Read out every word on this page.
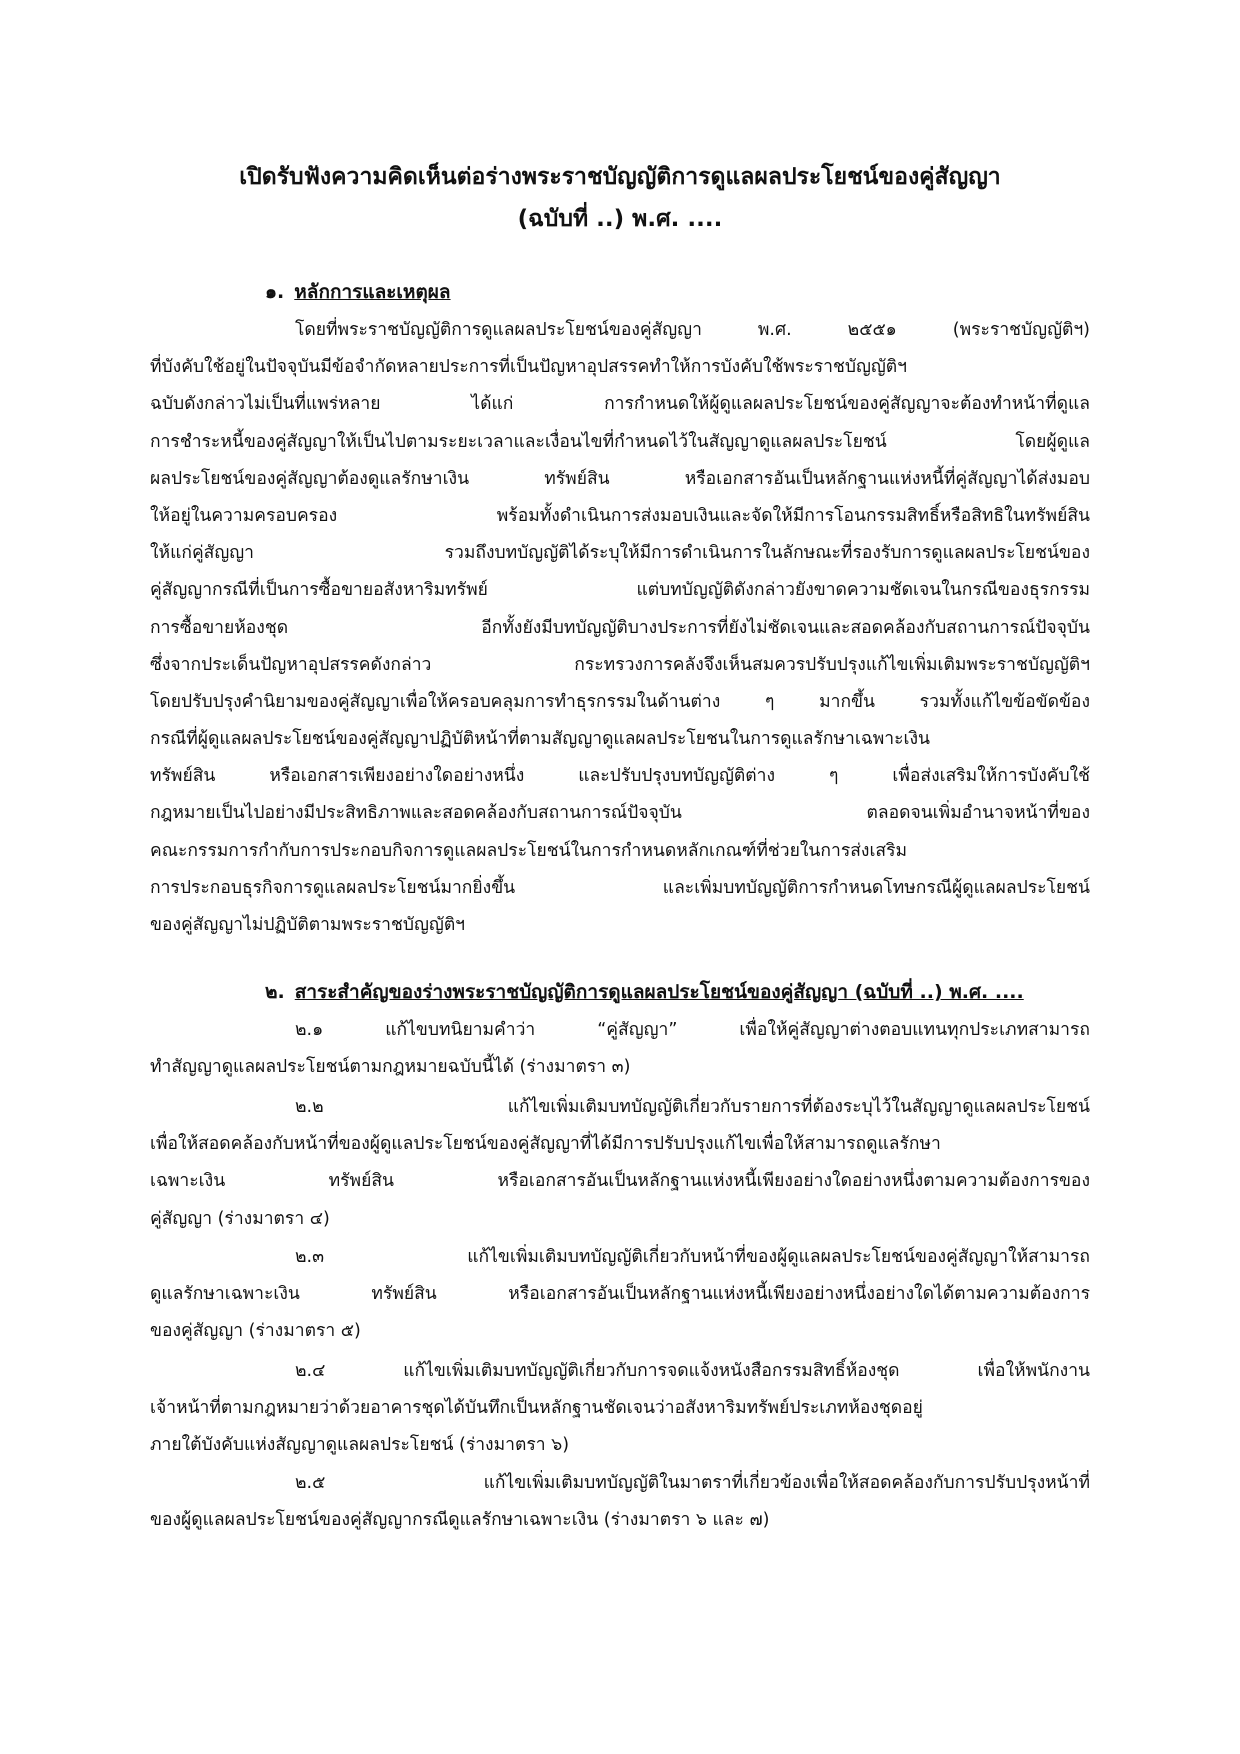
เปิดรับฟังความคิดเห็นต่อร่างพระราชบัญญัติการดูแลผลประโยชน์ของคู่สัญญา
(ฉบับที่ ..) พ.ศ. ....
๑. หลักการและเหตุผล
โดยที่พระราชบัญญัติการดูแลผลประโยชน์ของคู่สัญญา พ.ศ. ๒๕๕๑ (พระราชบัญญัติฯ)
ที่บังคับใช้อยู่ในปัจจุบันมีข้อจำกัดหลายประการที่เป็นปัญหาอุปสรรคทำให้การบังคับใช้พระราชบัญญัติฯ
ฉบับดังกล่าวไม่เป็นที่แพร่หลาย ได้แก่ การกำหนดให้ผู้ดูแลผลประโยชน์ของคู่สัญญาจะต้องทำหน้าที่ดูแล
การชำระหนี้ของคู่สัญญาให้เป็นไปตามระยะเวลาและเงื่อนไขที่กำหนดไว้ในสัญญาดูแลผลประโยชน์ โดยผู้ดูแล
ผลประโยชน์ของคู่สัญญาต้องดูแลรักษาเงิน ทรัพย์สิน หรือเอกสารอันเป็นหลักฐานแห่งหนี้ที่คู่สัญญาได้ส่งมอบ
ให้อยู่ในความครอบครอง พร้อมทั้งดำเนินการส่งมอบเงินและจัดให้มีการโอนกรรมสิทธิ์หรือสิทธิในทรัพย์สิน
ให้แก่คู่สัญญา รวมถึงบทบัญญัติได้ระบุให้มีการดำเนินการในลักษณะที่รองรับการดูแลผลประโยชน์ของ
คู่สัญญากรณีที่เป็นการซื้อขายอสังหาริมทรัพย์ แต่บทบัญญัติดังกล่าวยังขาดความชัดเจนในกรณีของธุรกรรม
การซื้อขายห้องชุด อีกทั้งยังมีบทบัญญัติบางประการที่ยังไม่ชัดเจนและสอดคล้องกับสถานการณ์ปัจจุบัน
ซึ่งจากประเด็นปัญหาอุปสรรคดังกล่าว กระทรวงการคลังจึงเห็นสมควรปรับปรุงแก้ไขเพิ่มเติมพระราชบัญญัติฯ
โดยปรับปรุงคำนิยามของคู่สัญญาเพื่อให้ครอบคลุมการทำธุรกรรมในด้านต่าง ๆ มากขึ้น รวมทั้งแก้ไขข้อขัดข้อง
กรณีที่ผู้ดูแลผลประโยชน์ของคู่สัญญาปฏิบัติหน้าที่ตามสัญญาดูแลผลประโยชนในการดูแลรักษาเฉพาะเงิน
ทรัพย์สิน หรือเอกสารเพียงอย่างใดอย่างหนึ่ง และปรับปรุงบทบัญญัติต่าง ๆ เพื่อส่งเสริมให้การบังคับใช้
กฎหมายเป็นไปอย่างมีประสิทธิภาพและสอดคล้องกับสถานการณ์ปัจจุบัน ตลอดจนเพิ่มอำนาจหน้าที่ของ
คณะกรรมการกำกับการประกอบกิจการดูแลผลประโยชน์ในการกำหนดหลักเกณฑ์ที่ช่วยในการส่งเสริม
การประกอบธุรกิจการดูแลผลประโยชน์มากยิ่งขึ้น และเพิ่มบทบัญญัติการกำหนดโทษกรณีผู้ดูแลผลประโยชน์
ของคู่สัญญาไม่ปฏิบัติตามพระราชบัญญัติฯ
๒. สาระสำคัญของร่างพระราชบัญญัติการดูแลผลประโยชน์ของคู่สัญญา (ฉบับที่ ..) พ.ศ. ....
๒.๑ แก้ไขบทนิยามคำว่า “คู่สัญญา” เพื่อให้คู่สัญญาต่างตอบแทนทุกประเภทสามารถ
ทำสัญญาดูแลผลประโยชน์ตามกฎหมายฉบับนี้ได้ (ร่างมาตรา ๓)
๒.๒ แก้ไขเพิ่มเติมบทบัญญัติเกี่ยวกับรายการที่ต้องระบุไว้ในสัญญาดูแลผลประโยชน์
เพื่อให้สอดคล้องกับหน้าที่ของผู้ดูแลประโยชน์ของคู่สัญญาที่ได้มีการปรับปรุงแก้ไขเพื่อให้สามารถดูแลรักษา
เฉพาะเงิน ทรัพย์สิน หรือเอกสารอันเป็นหลักฐานแห่งหนี้เพียงอย่างใดอย่างหนึ่งตามความต้องการของ
คู่สัญญา (ร่างมาตรา ๔)
๒.๓ แก้ไขเพิ่มเติมบทบัญญัติเกี่ยวกับหน้าที่ของผู้ดูแลผลประโยชน์ของคู่สัญญาให้สามารถ
ดูแลรักษาเฉพาะเงิน ทรัพย์สิน หรือเอกสารอันเป็นหลักฐานแห่งหนี้เพียงอย่างหนึ่งอย่างใดได้ตามความต้องการ
ของคู่สัญญา (ร่างมาตรา ๕)
๒.๔ แก้ไขเพิ่มเติมบทบัญญัติเกี่ยวกับการจดแจ้งหนังสือกรรมสิทธิ์ห้องชุด เพื่อให้พนักงาน
เจ้าหน้าที่ตามกฎหมายว่าด้วยอาคารชุดได้บันทึกเป็นหลักฐานชัดเจนว่าอสังหาริมทรัพย์ประเภทห้องชุดอยู่
ภายใต้บังคับแห่งสัญญาดูแลผลประโยชน์ (ร่างมาตรา ๖)
๒.๕ แก้ไขเพิ่มเติมบทบัญญัติในมาตราที่เกี่ยวข้องเพื่อให้สอดคล้องกับการปรับปรุงหน้าที่
ของผู้ดูแลผลประโยชน์ของคู่สัญญากรณีดูแลรักษาเฉพาะเงิน (ร่างมาตรา ๖ และ ๗)
